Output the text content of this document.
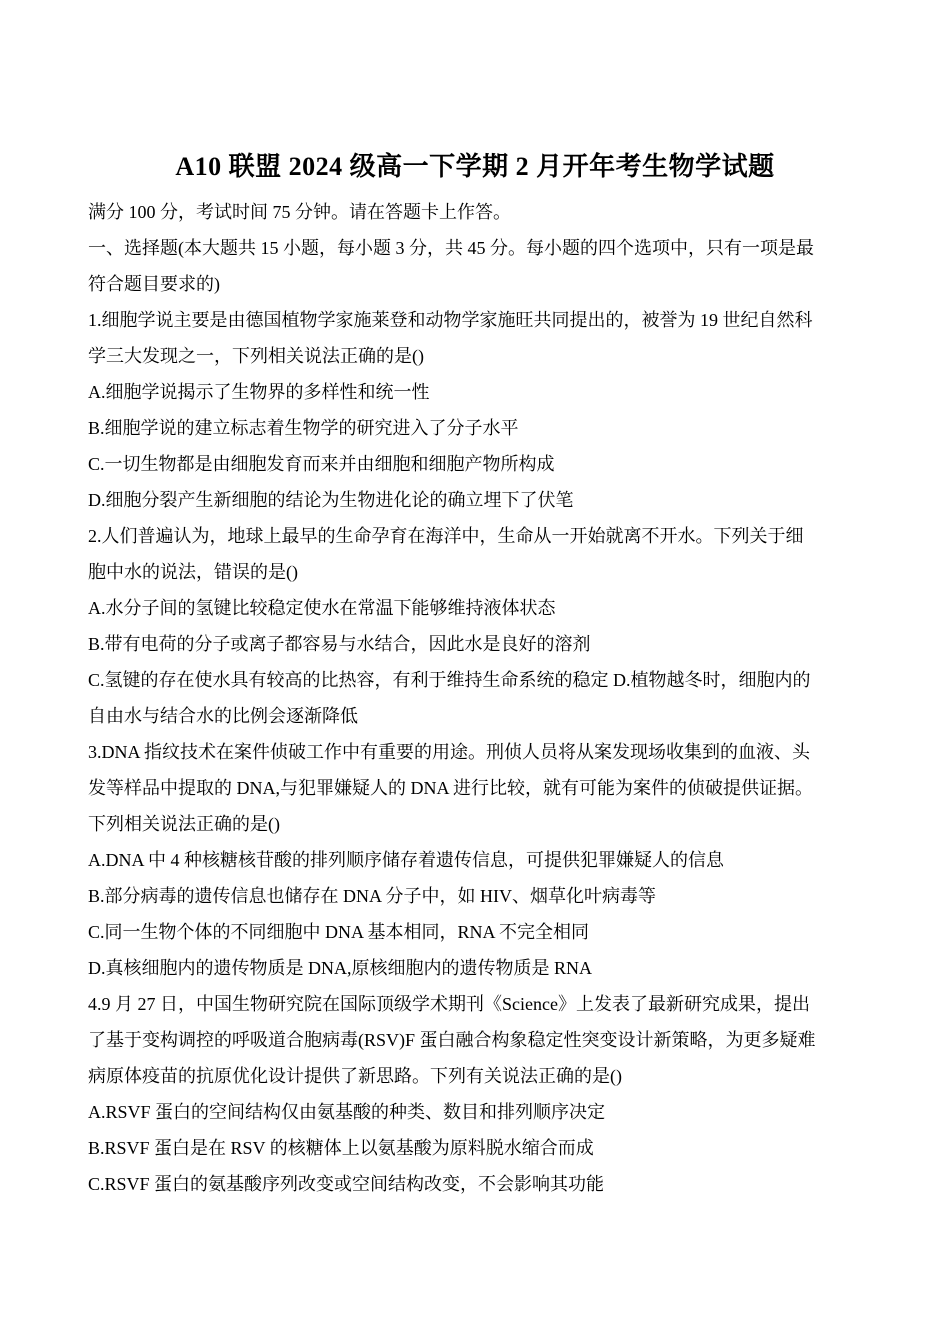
A10 联盟 2024 级高一下学期 2 月开年考生物学试题
满分 100 分，考试时间 75 分钟。请在答题卡上作答。
一、选择题(本大题共 15 小题，每小题 3 分，共 45 分。每小题的四个选项中，只有一项是最
符合题目要求的)
1.细胞学说主要是由德国植物学家施莱登和动物学家施旺共同提出的，被誉为 19 世纪自然科
学三大发现之一，下列相关说法正确的是()
A.细胞学说揭示了生物界的多样性和统一性
B.细胞学说的建立标志着生物学的研究进入了分子水平
C.一切生物都是由细胞发育而来并由细胞和细胞产物所构成
D.细胞分裂产生新细胞的结论为生物进化论的确立埋下了伏笔
2.人们普遍认为，地球上最早的生命孕育在海洋中，生命从一开始就离不开水。下列关于细
胞中水的说法，错误的是()
A.水分子间的氢键比较稳定使水在常温下能够维持液体状态
B.带有电荷的分子或离子都容易与水结合，因此水是良好的溶剂
C.氢键的存在使水具有较高的比热容，有利于维持生命系统的稳定 D.植物越冬时，细胞内的
自由水与结合水的比例会逐渐降低
3.DNA 指纹技术在案件侦破工作中有重要的用途。刑侦人员将从案发现场收集到的血液、头
发等样品中提取的 DNA,与犯罪嫌疑人的 DNA 进行比较，就有可能为案件的侦破提供证据。
下列相关说法正确的是()
A.DNA 中 4 种核糖核苷酸的排列顺序储存着遗传信息，可提供犯罪嫌疑人的信息
B.部分病毒的遗传信息也储存在 DNA 分子中，如 HIV、烟草化叶病毒等
C.同一生物个体的不同细胞中 DNA 基本相同，RNA 不完全相同
D.真核细胞内的遗传物质是 DNA,原核细胞内的遗传物质是 RNA
4.9 月 27 日，中国生物研究院在国际顶级学术期刊《Science》上发表了最新研究成果，提出
了基于变构调控的呼吸道合胞病毒(RSV)F 蛋白融合构象稳定性突变设计新策略，为更多疑难
病原体疫苗的抗原优化设计提供了新思路。下列有关说法正确的是()
A.RSVF 蛋白的空间结构仅由氨基酸的种类、数目和排列顺序决定
B.RSVF 蛋白是在 RSV 的核糖体上以氨基酸为原料脱水缩合而成
C.RSVF 蛋白的氨基酸序列改变或空间结构改变，不会影响其功能
